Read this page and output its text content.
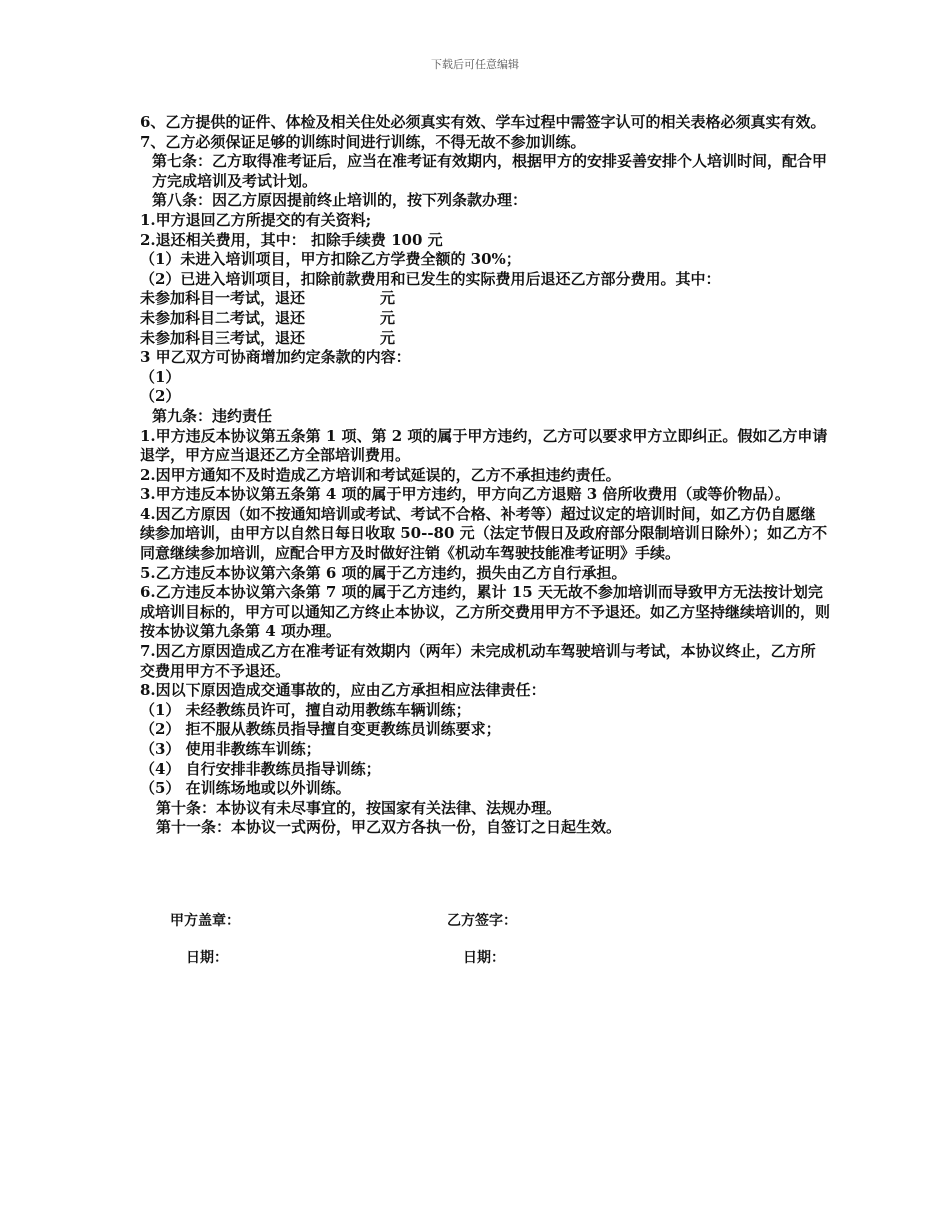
下载后可任意编辑

6、乙方提供的证件、体检及相关住处必须真实有效、学车过程中需签字认可的相关表格必须真实有效。

7、乙方必须保证足够的训练时间进行训练，不得无故不参加训练。

第七条：乙方取得准考证后，应当在准考证有效期内，根据甲方的安排妥善安排个人培训时间，配合甲方完成培训及考试计划。

第八条：因乙方原因提前终止培训的，按下列条款办理：

1.甲方退回乙方所提交的有关资料;

2.退还相关费用，其中： 扣除手续费 100 元

（1）未进入培训项目，甲方扣除乙方学费全额的 30%；

（2）已进入培训项目，扣除前款费用和已发生的实际费用后退还乙方部分费用。其中：

未参加科目一考试，退还	元
未参加科目二考试，退还	元
未参加科目三考试，退还	元

3 甲乙双方可协商增加约定条款的内容：

（1）

（2）

第九条：违约责任

1.甲方违反本协议第五条第 1 项、第 2 项的属于甲方违约，乙方可以要求甲方立即纠正。假如乙方申请退学，甲方应当退还乙方全部培训费用。

2.因甲方通知不及时造成乙方培训和考试延误的，乙方不承担违约责任。

3.甲方违反本协议第五条第 4 项的属于甲方违约，甲方向乙方退赔 3 倍所收费用（或等价物品）。

4.因乙方原因（如不按通知培训或考试、考试不合格、补考等）超过议定的培训时间，如乙方仍自愿继续参加培训，由甲方以自然日每日收取 50--80 元（法定节假日及政府部分限制培训日除外）；如乙方不同意继续参加培训，应配合甲方及时做好注销《机动车驾驶技能准考证明》手续。

5.乙方违反本协议第六条第 6 项的属于乙方违约，损失由乙方自行承担。

6.乙方违反本协议第六条第 7 项的属于乙方违约，累计 15 天无故不参加培训而导致甲方无法按计划完成培训目标的，甲方可以通知乙方终止本协议，乙方所交费用甲方不予退还。如乙方坚持继续培训的，则按本协议第九条第 4 项办理。

7.因乙方原因造成乙方在准考证有效期内（两年）未完成机动车驾驶培训与考试，本协议终止，乙方所交费用甲方不予退还。

8.因以下原因造成交通事故的，应由乙方承担相应法律责任：

（1） 未经教练员许可，擅自动用教练车辆训练；

（2） 拒不服从教练员指导擅自变更教练员训练要求；

（3） 使用非教练车训练；

（4） 自行安排非教练员指导训练；

（5） 在训练场地或以外训练。

第十条：本协议有未尽事宜的，按国家有关法律、法规办理。

第十一条：本协议一式两份，甲乙双方各执一份，自签订之日起生效。

甲方盖章：	乙方签字：
日期：	日期：
